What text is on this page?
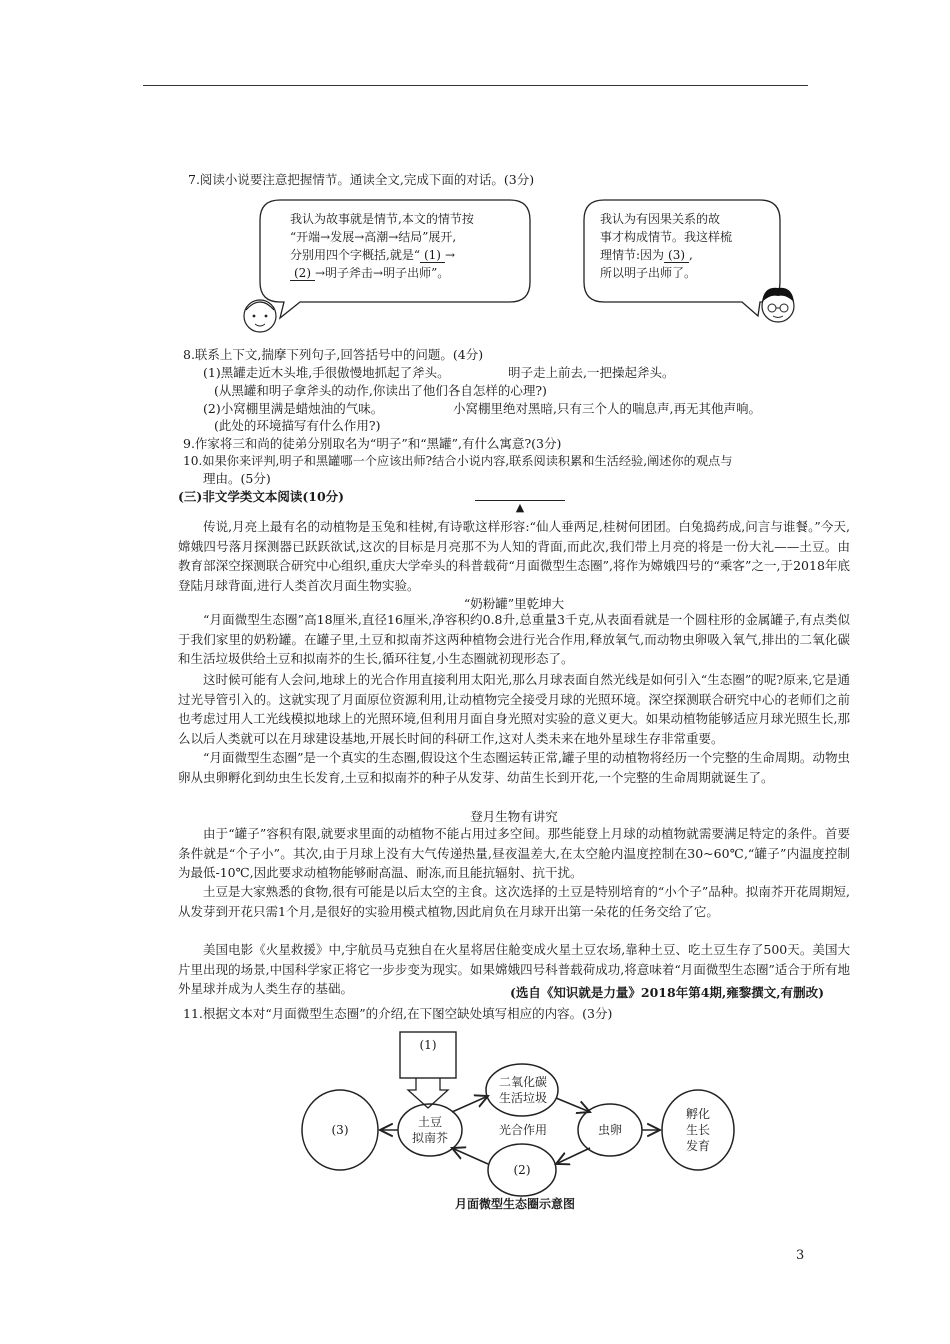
7.阅读小说要注意把握情节。通读全文,完成下面的对话。(3分)
我认为故事就是情节,本文的情节按
“开端→发展→高潮→结局”展开,
分别用四个字概括,就是“ (1) →
(2) →明子斧击→明子出师”。
我认为有因果关系的故
事才构成情节。我这样梳
理情节:因为 (3) ,
所以明子出师了。
8.联系上下文,揣摩下列句子,回答括号中的问题。(4分)
(1)黑罐走近木头堆,手很傲慢地抓起了斧头。	明子走上前去,一把操起斧头。
(从黑罐和明子拿斧头的动作,你读出了他们各自怎样的心理?)
(2)小窝棚里满是蜡烛油的气味。	小窝棚里绝对黑暗,只有三个人的喘息声,再无其他声响。
(此处的环境描写有什么作用?)
9.作家将三和尚的徒弟分别取名为“明子”和“黑罐”,有什么寓意?(3分)
10.如果你来评判,明子和黑罐哪一个应该出师?结合小说内容,联系阅读积累和生活经验,阐述你的观点与
理由。(5分)
(三)非文学类文本阅读(10分)
▲
传说,月亮上最有名的动植物是玉兔和桂树,有诗歌这样形容:“仙人垂两足,桂树何团团。白兔捣药成,问言与谁餐。”今天,嫦娥四号落月探测器已跃跃欲试,这次的目标是月亮那不为人知的背面,而此次,我们带上月亮的将是一份大礼——土豆。由教育部深空探测联合研究中心组织,重庆大学牵头的科普载荷“月面微型生态圈”,将作为嫦娥四号的“乘客”之一,于2018年底登陆月球背面,进行人类首次月面生物实验。
“奶粉罐”里乾坤大
“月面微型生态圈”高18厘米,直径16厘米,净容积约0.8升,总重量3千克,从表面看就是一个圆柱形的金属罐子,有点类似于我们家里的奶粉罐。在罐子里,土豆和拟南芥这两种植物会进行光合作用,释放氧气,而动物虫卵吸入氧气,排出的二氧化碳和生活垃圾供给土豆和拟南芥的生长,循环往复,小生态圈就初现形态了。
这时候可能有人会问,地球上的光合作用直接利用太阳光,那么月球表面自然光线是如何引入“生态圈”的呢?原来,它是通过光导管引入的。这就实现了月面原位资源利用,让动植物完全接受月球的光照环境。深空探测联合研究中心的老师们之前也考虑过用人工光线模拟地球上的光照环境,但利用月面自身光照对实验的意义更大。如果动植物能够适应月球光照生长,那么以后人类就可以在月球建设基地,开展长时间的科研工作,这对人类未来在地外星球生存非常重要。
“月面微型生态圈”是一个真实的生态圈,假设这个生态圈运转正常,罐子里的动植物将经历一个完整的生命周期。动物虫卵从虫卵孵化到幼虫生长发育,土豆和拟南芥的种子从发芽、幼苗生长到开花,一个完整的生命周期就诞生了。
登月生物有讲究
由于“罐子”容积有限,就要求里面的动植物不能占用过多空间。那些能登上月球的动植物就需要满足特定的条件。首要条件就是“个子小”。其次,由于月球上没有大气传递热量,昼夜温差大,在太空舱内温度控制在30~60℃,“罐子”内温度控制为最低-10℃,因此要求动植物能够耐高温、耐冻,而且能抗辐射、抗干扰。
土豆是大家熟悉的食物,很有可能是以后太空的主食。这次选择的土豆是特别培育的“小个子”品种。拟南芥开花周期短,从发芽到开花只需1个月,是很好的实验用模式植物,因此肩负在月球开出第一朵花的任务交给了它。
美国电影《火星救援》中,宇航员马克独自在火星将居住舱变成火星土豆农场,靠种土豆、吃土豆生存了500天。美国大片里出现的场景,中国科学家正将它一步步变为现实。如果嫦娥四号科普载荷成功,将意味着“月面微型生态圈”适合于所有地外星球并成为人类生存的基础。	(选自《知识就是力量》2018年第4期,雍黎撰文,有删改)
11.根据文本对“月面微型生态圈”的介绍,在下图空缺处填写相应的内容。(3分)
(1)
(3)
土豆
拟南芥
二氧化碳
生活垃圾
光合作用	虫卵
(2)
孵化
生长
发育
月面微型生态圈示意图
3
